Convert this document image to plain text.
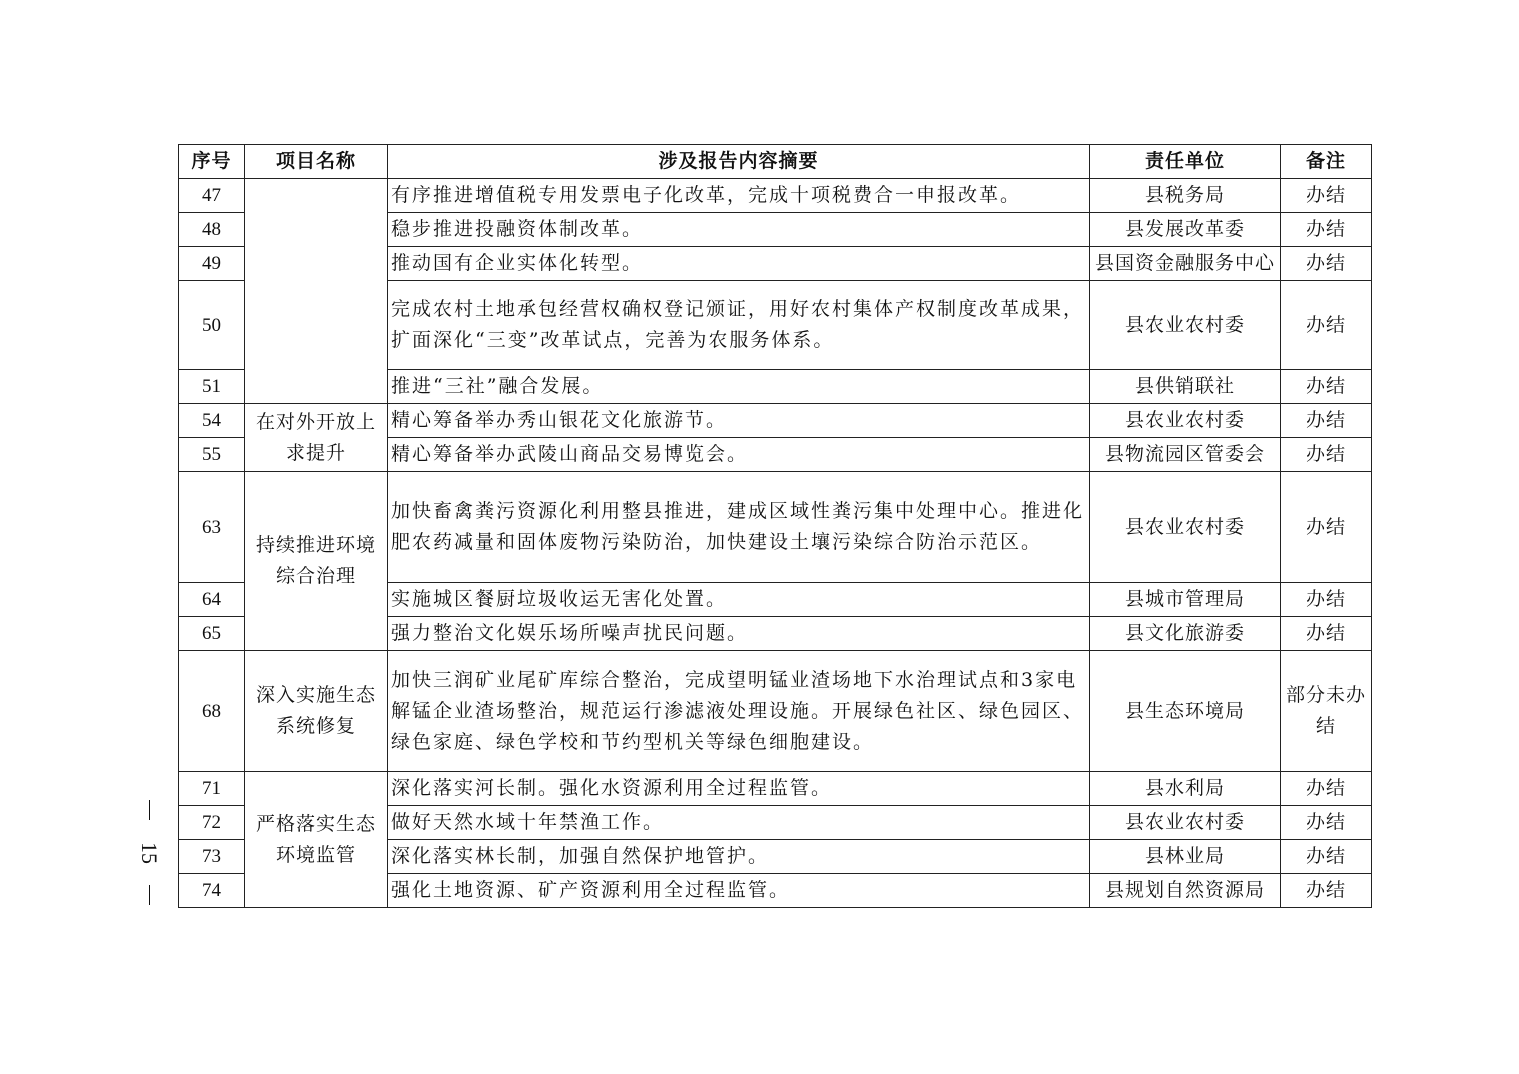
15
序号	项目名称	涉及报告内容摘要	责任单位	备注
47		有序推进增值税专用发票电子化改革，完成十项税费合一申报改革。	县税务局	办结
48		稳步推进投融资体制改革。	县发展改革委	办结
49		推动国有企业实体化转型。	县国资金融服务中心	办结
50		完成农村土地承包经营权确权登记颁证，用好农村集体产权制度改革成果，扩面深化“三变”改革试点，完善为农服务体系。	县农业农村委	办结
51		推进“三社”融合发展。	县供销联社	办结
54	在对外开放上求提升	精心筹备举办秀山银花文化旅游节。	县农业农村委	办结
55		精心筹备举办武陵山商品交易博览会。	县物流园区管委会	办结
63	持续推进环境综合治理	加快畜禽粪污资源化利用整县推进，建成区域性粪污集中处理中心。推进化肥农药减量和固体废物污染防治，加快建设土壤污染综合防治示范区。	县农业农村委	办结
64		实施城区餐厨垃圾收运无害化处置。	县城市管理局	办结
65		强力整治文化娱乐场所噪声扰民问题。	县文化旅游委	办结
68	深入实施生态系统修复	加快三润矿业尾矿库综合整治，完成望明锰业渣场地下水治理试点和3家电解锰企业渣场整治，规范运行渗滤液处理设施。开展绿色社区、绿色园区、绿色家庭、绿色学校和节约型机关等绿色细胞建设。	县生态环境局	部分未办结
71	严格落实生态环境监管	深化落实河长制。强化水资源利用全过程监管。	县水利局	办结
72		做好天然水域十年禁渔工作。	县农业农村委	办结
73		深化落实林长制，加强自然保护地管护。	县林业局	办结
74		强化土地资源、矿产资源利用全过程监管。	县规划自然资源局	办结
